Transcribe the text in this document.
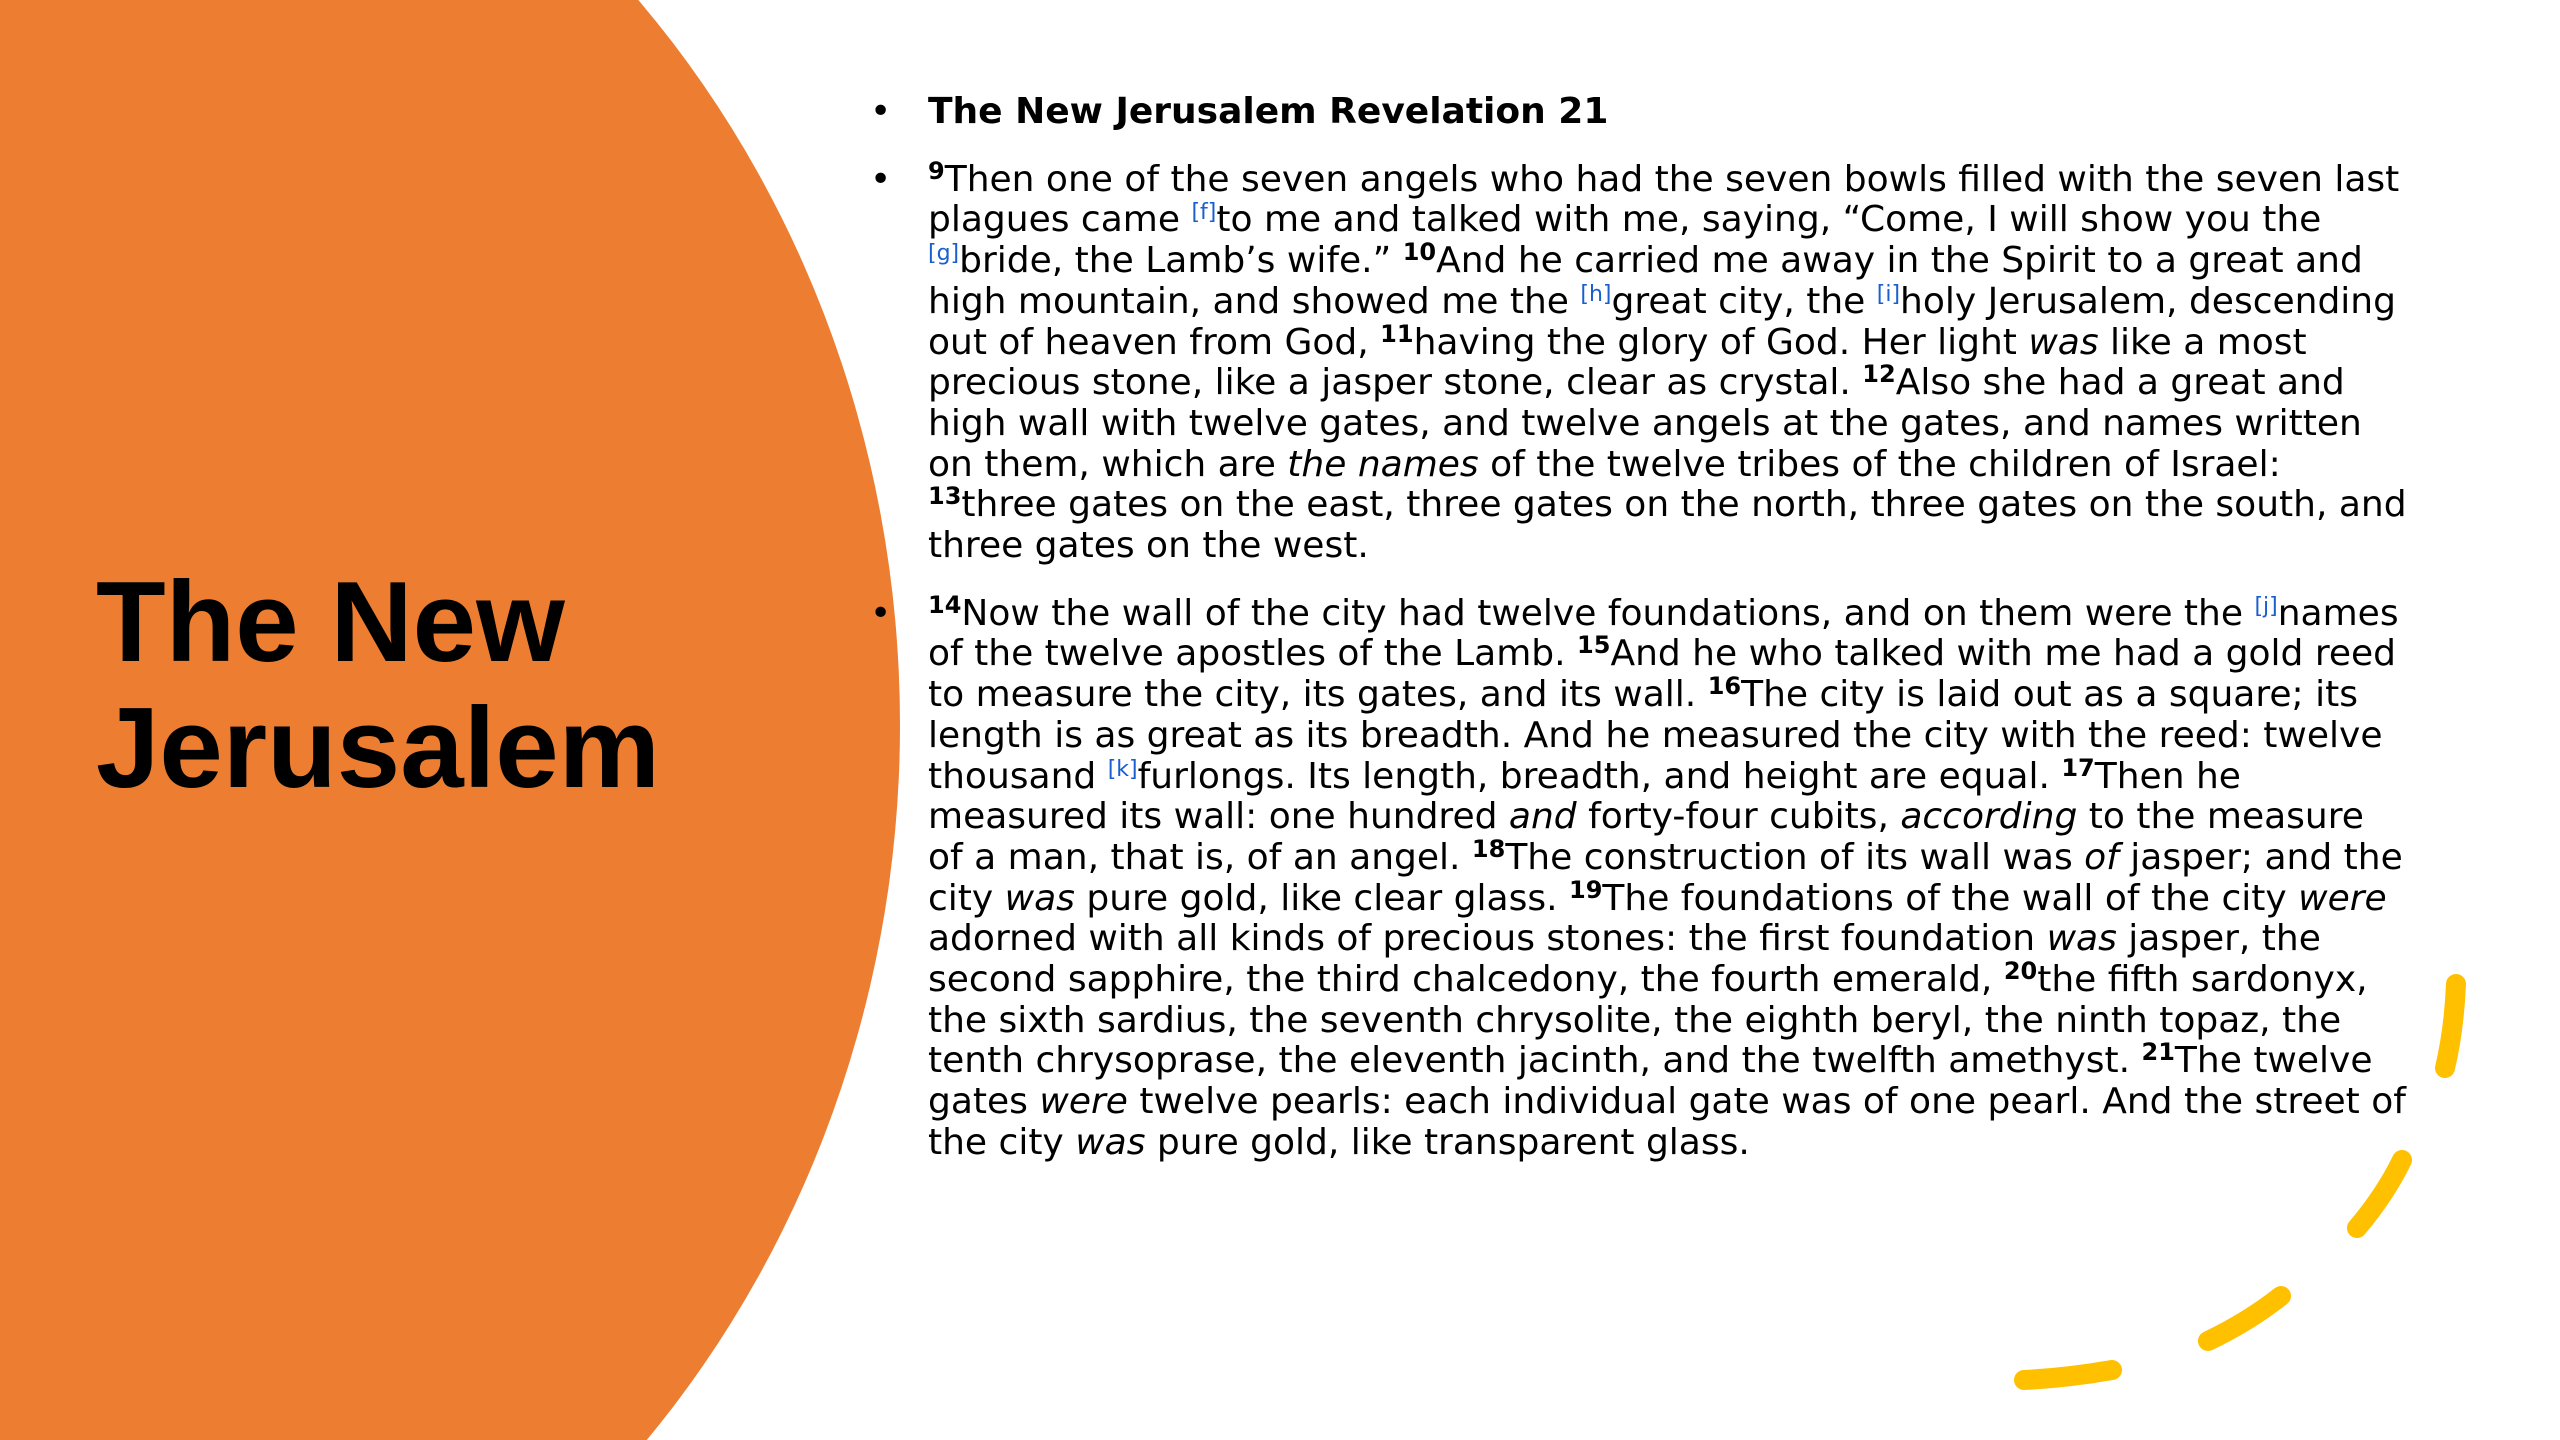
The New Jerusalem
• The New Jerusalem Revelation 21
• $^9$Then one of the seven angels who had the seven bowls filled with the seven last plagues came [f]to me and talked with me, saying, “Come, I will show you the [g]bride, the Lamb’s wife.” $^{10}$And he carried me away in the Spirit to a great and high mountain, and showed me the [h]great city, the [i]holy Jerusalem, descending out of heaven from God, $^{11}$having the glory of God. Her light was like a most precious stone, like a jasper stone, clear as crystal. $^{12}$Also she had a great and high wall with twelve gates, and twelve angels at the gates, and names written on them, which are the names of the twelve tribes of the children of Israel: $^{13}$three gates on the east, three gates on the north, three gates on the south, and three gates on the west.
• $^{14}$Now the wall of the city had twelve foundations, and on them were the [j]names of the twelve apostles of the Lamb. $^{15}$And he who talked with me had a gold reed to measure the city, its gates, and its wall. $^{16}$The city is laid out as a square; its length is as great as its breadth. And he measured the city with the reed: twelve thousand [k]furlongs. Its length, breadth, and height are equal. $^{17}$Then he measured its wall: one hundred and forty-four cubits, according to the measure of a man, that is, of an angel. $^{18}$The construction of its wall was of jasper; and the city was pure gold, like clear glass. $^{19}$The foundations of the wall of the city were adorned with all kinds of precious stones: the first foundation was jasper, the second sapphire, the third chalcedony, the fourth emerald, $^{20}$the fifth sardonyx, the sixth sardius, the seventh chrysolite, the eighth beryl, the ninth topaz, the tenth chrysoprase, the eleventh jacinth, and the twelfth amethyst. $^{21}$The twelve gates were twelve pearls: each individual gate was of one pearl. And the street of the city was pure gold, like transparent glass.
